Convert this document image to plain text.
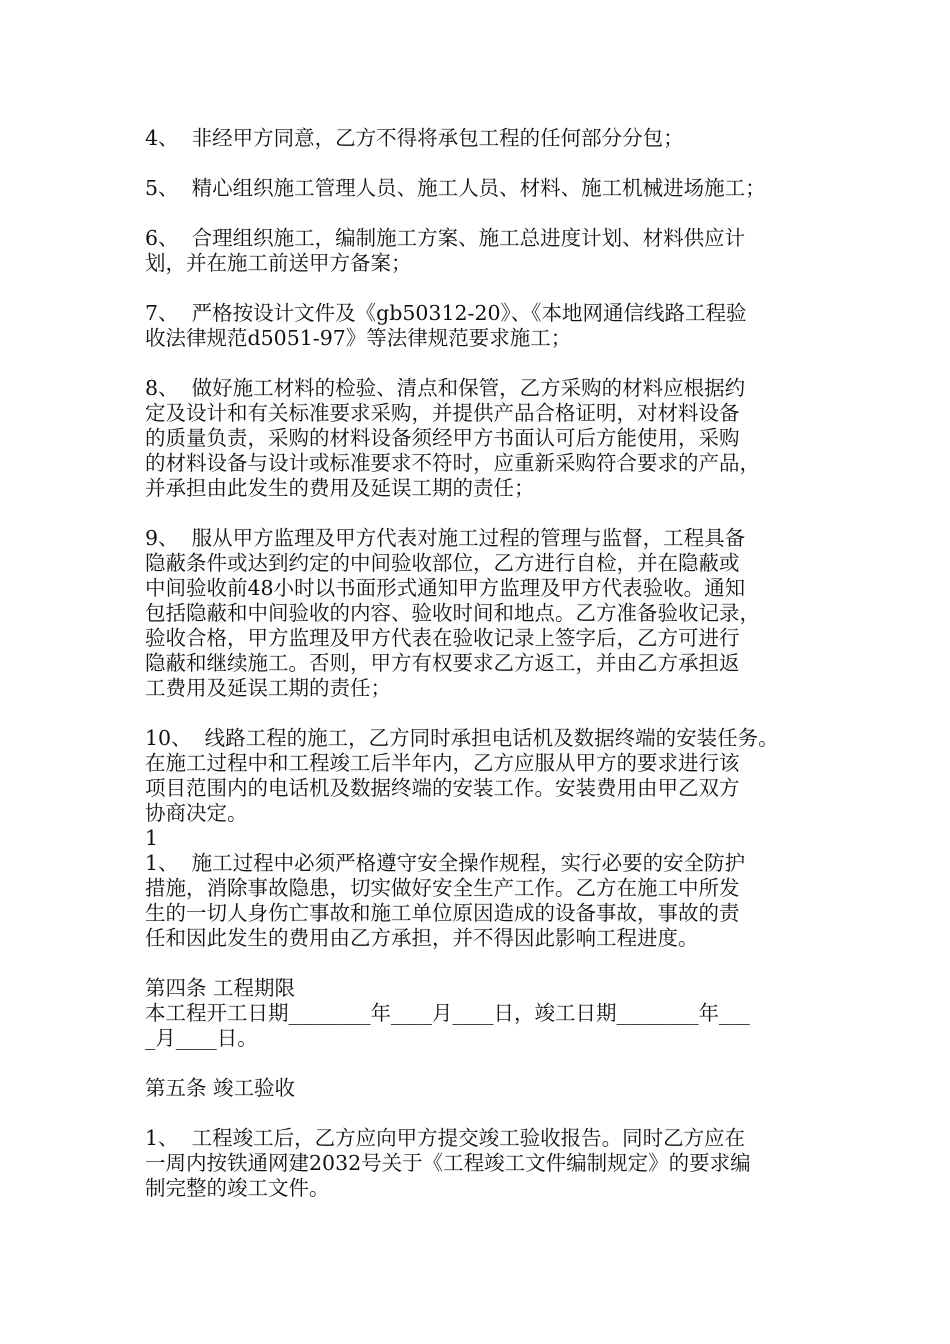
4、  非经甲方同意，乙方不得将承包工程的任何部分分包；
5、  精心组织施工管理人员、施工人员、材料、施工机械进场施工；
6、  合理组织施工，编制施工方案、施工总进度计划、材料供应计
划，并在施工前送甲方备案；
7、  严格按设计文件及《gb50312-20》、《本地网通信线路工程验
收法律规范d5051-97》等法律规范要求施工；
8、  做好施工材料的检验、清点和保管，乙方采购的材料应根据约
定及设计和有关标准要求采购，并提供产品合格证明，对材料设备
的质量负责，采购的材料设备须经甲方书面认可后方能使用，采购
的材料设备与设计或标准要求不符时，应重新采购符合要求的产品，
并承担由此发生的费用及延误工期的责任；
9、  服从甲方监理及甲方代表对施工过程的管理与监督，工程具备
隐蔽条件或达到约定的中间验收部位，乙方进行自检，并在隐蔽或
中间验收前48小时以书面形式通知甲方监理及甲方代表验收。通知
包括隐蔽和中间验收的内容、验收时间和地点。乙方准备验收记录，
验收合格，甲方监理及甲方代表在验收记录上签字后，乙方可进行
隐蔽和继续施工。否则，甲方有权要求乙方返工，并由乙方承担返
工费用及延误工期的责任；
10、  线路工程的施工，乙方同时承担电话机及数据终端的安装任务。
在施工过程中和工程竣工后半年内，乙方应服从甲方的要求进行该
项目范围内的电话机及数据终端的安装工作。安装费用由甲乙双方
协商决定。
1
1、  施工过程中必须严格遵守安全操作规程，实行必要的安全防护
措施，消除事故隐患，切实做好安全生产工作。乙方在施工中所发
生的一切人身伤亡事故和施工单位原因造成的设备事故，事故的责
任和因此发生的费用由乙方承担，并不得因此影响工程进度。
第四条 工程期限
本工程开工日期________年____月____日，竣工日期________年___
_月____日。
第五条 竣工验收
1、  工程竣工后，乙方应向甲方提交竣工验收报告。同时乙方应在
一周内按铁通网建2032号关于《工程竣工文件编制规定》的要求编
制完整的竣工文件。
